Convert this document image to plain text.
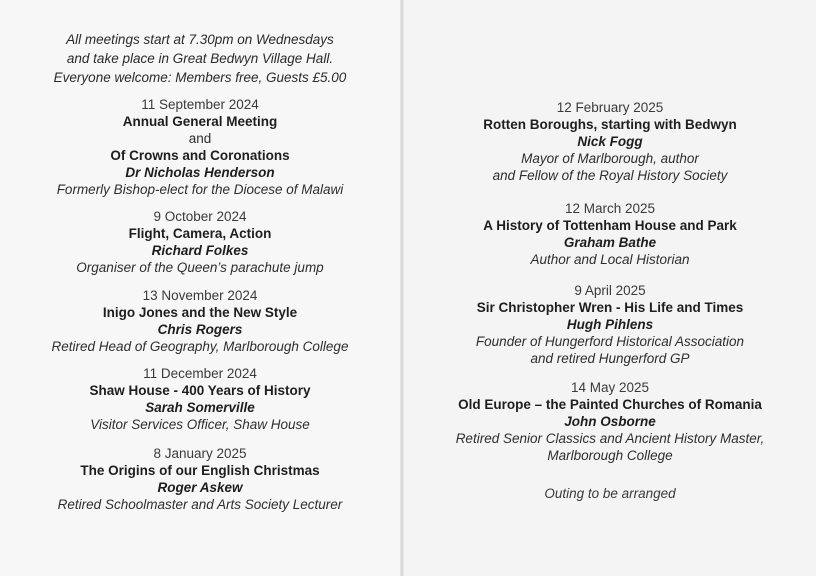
All meetings start at 7.30pm on Wednesdays
and take place in Great Bedwyn Village Hall.
Everyone welcome: Members free, Guests £5.00
11 September 2024
Annual General Meeting
and
Of Crowns and Coronations
Dr Nicholas Henderson
Formerly Bishop-elect for the Diocese of Malawi
9 October 2024
Flight, Camera, Action
Richard Folkes
Organiser of the Queen’s parachute jump
13 November 2024
Inigo Jones and the New Style
Chris Rogers
Retired Head of Geography, Marlborough College
11 December 2024
Shaw House - 400 Years of History
Sarah Somerville
Visitor Services Officer, Shaw House
8 January 2025
The Origins of our English Christmas
Roger Askew
Retired Schoolmaster and Arts Society Lecturer
12 February 2025
Rotten Boroughs, starting with Bedwyn
Nick Fogg
Mayor of Marlborough, author
and Fellow of the Royal History Society
12 March 2025
A History of Tottenham House and Park
Graham Bathe
Author and Local Historian
9 April 2025
Sir Christopher Wren - His Life and Times
Hugh Pihlens
Founder of Hungerford Historical Association
and retired Hungerford GP
14 May 2025
Old Europe – the Painted Churches of Romania
John Osborne
Retired Senior Classics and Ancient History Master,
Marlborough College
Outing to be arranged
